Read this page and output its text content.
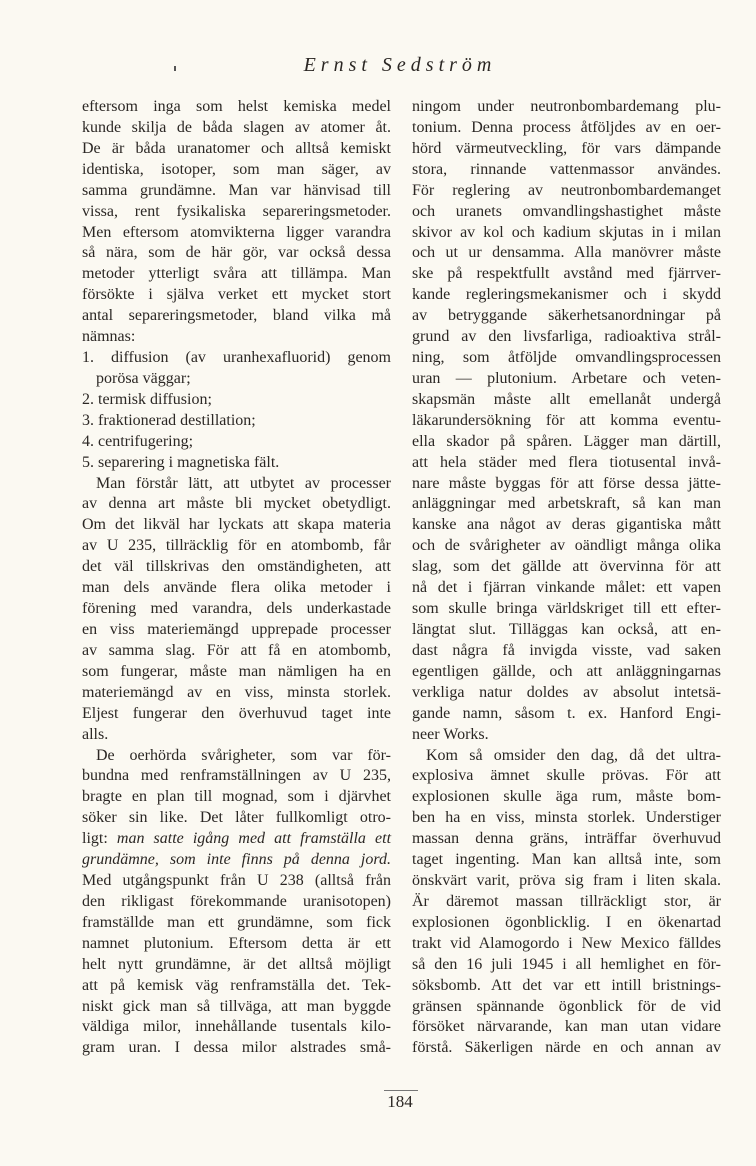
Ernst Sedström
eftersom inga som helst kemiska medel
kunde skilja de båda slagen av atomer åt.
De är båda uranatomer och alltså kemiskt
identiska, isotoper, som man säger, av
samma grundämne. Man var hänvisad till
vissa, rent fysikaliska separeringsmetoder.
Men eftersom atomvikterna ligger varandra
så nära, som de här gör, var också dessa
metoder ytterligt svåra att tillämpa. Man
försökte i själva verket ett mycket stort
antal separeringsmetoder, bland vilka må
nämnas:
1. diffusion (av uranhexafluorid) genom
porösa väggar;
2. termisk diffusion;
3. fraktionerad destillation;
4. centrifugering;
5. separering i magnetiska fält.
Man förstår lätt, att utbytet av processer
av denna art måste bli mycket obetydligt.
Om det likväl har lyckats att skapa materia
av U 235, tillräcklig för en atombomb, får
det väl tillskrivas den omständigheten, att
man dels använde flera olika metoder i
förening med varandra, dels underkastade
en viss materiemängd upprepade processer
av samma slag. För att få en atombomb,
som fungerar, måste man nämligen ha en
materiemängd av en viss, minsta storlek.
Eljest fungerar den överhuvud taget inte
alls.
De oerhörda svårigheter, som var för-
bundna med renframställningen av U 235,
bragte en plan till mognad, som i djärvhet
söker sin like. Det låter fullkomligt otro-
ligt: man satte igång med att framställa ett
grundämne, som inte finns på denna jord.
Med utgångspunkt från U 238 (alltså från
den rikligast förekommande uranisotopen)
framställde man ett grundämne, som fick
namnet plutonium. Eftersom detta är ett
helt nytt grundämne, är det alltså möjligt
att på kemisk väg renframställa det. Tek-
niskt gick man så tillväga, att man byggde
väldiga milor, innehållande tusentals kilo-
gram uran. I dessa milor alstrades små-
ningom under neutronbombardemang plu-
tonium. Denna process åtföljdes av en oer-
hörd värmeutveckling, för vars dämpande
stora, rinnande vattenmassor användes.
För reglering av neutronbombardemanget
och uranets omvandlingshastighet måste
skivor av kol och kadium skjutas in i milan
och ut ur densamma. Alla manövrer måste
ske på respektfullt avstånd med fjärrver-
kande regleringsmekanismer och i skydd
av betryggande säkerhetsanordningar på
grund av den livsfarliga, radioaktiva strål-
ning, som åtföljde omvandlingsprocessen
uran — plutonium. Arbetare och veten-
skapsmän måste allt emellanåt undergå
läkarundersökning för att komma eventu-
ella skador på spåren. Lägger man därtill,
att hela städer med flera tiotusental invå-
nare måste byggas för att förse dessa jätte-
anläggningar med arbetskraft, så kan man
kanske ana något av deras gigantiska mått
och de svårigheter av oändligt många olika
slag, som det gällde att övervinna för att
nå det i fjärran vinkande målet: ett vapen
som skulle bringa världskriget till ett efter-
längtat slut. Tilläggas kan också, att en-
dast några få invigda visste, vad saken
egentligen gällde, och att anläggningarnas
verkliga natur doldes av absolut intetsä-
gande namn, såsom t. ex. Hanford Engi-
neer Works.
Kom så omsider den dag, då det ultra-
explosiva ämnet skulle prövas. För att
explosionen skulle äga rum, måste bom-
ben ha en viss, minsta storlek. Understiger
massan denna gräns, inträffar överhuvud
taget ingenting. Man kan alltså inte, som
önskvärt varit, pröva sig fram i liten skala.
Är däremot massan tillräckligt stor, är
explosionen ögonblicklig. I en ökenartad
trakt vid Alamogordo i New Mexico fälldes
så den 16 juli 1945 i all hemlighet en för-
söksbomb. Att det var ett intill bristnings-
gränsen spännande ögonblick för de vid
försöket närvarande, kan man utan vidare
förstå. Säkerligen närde en och annan av
184
